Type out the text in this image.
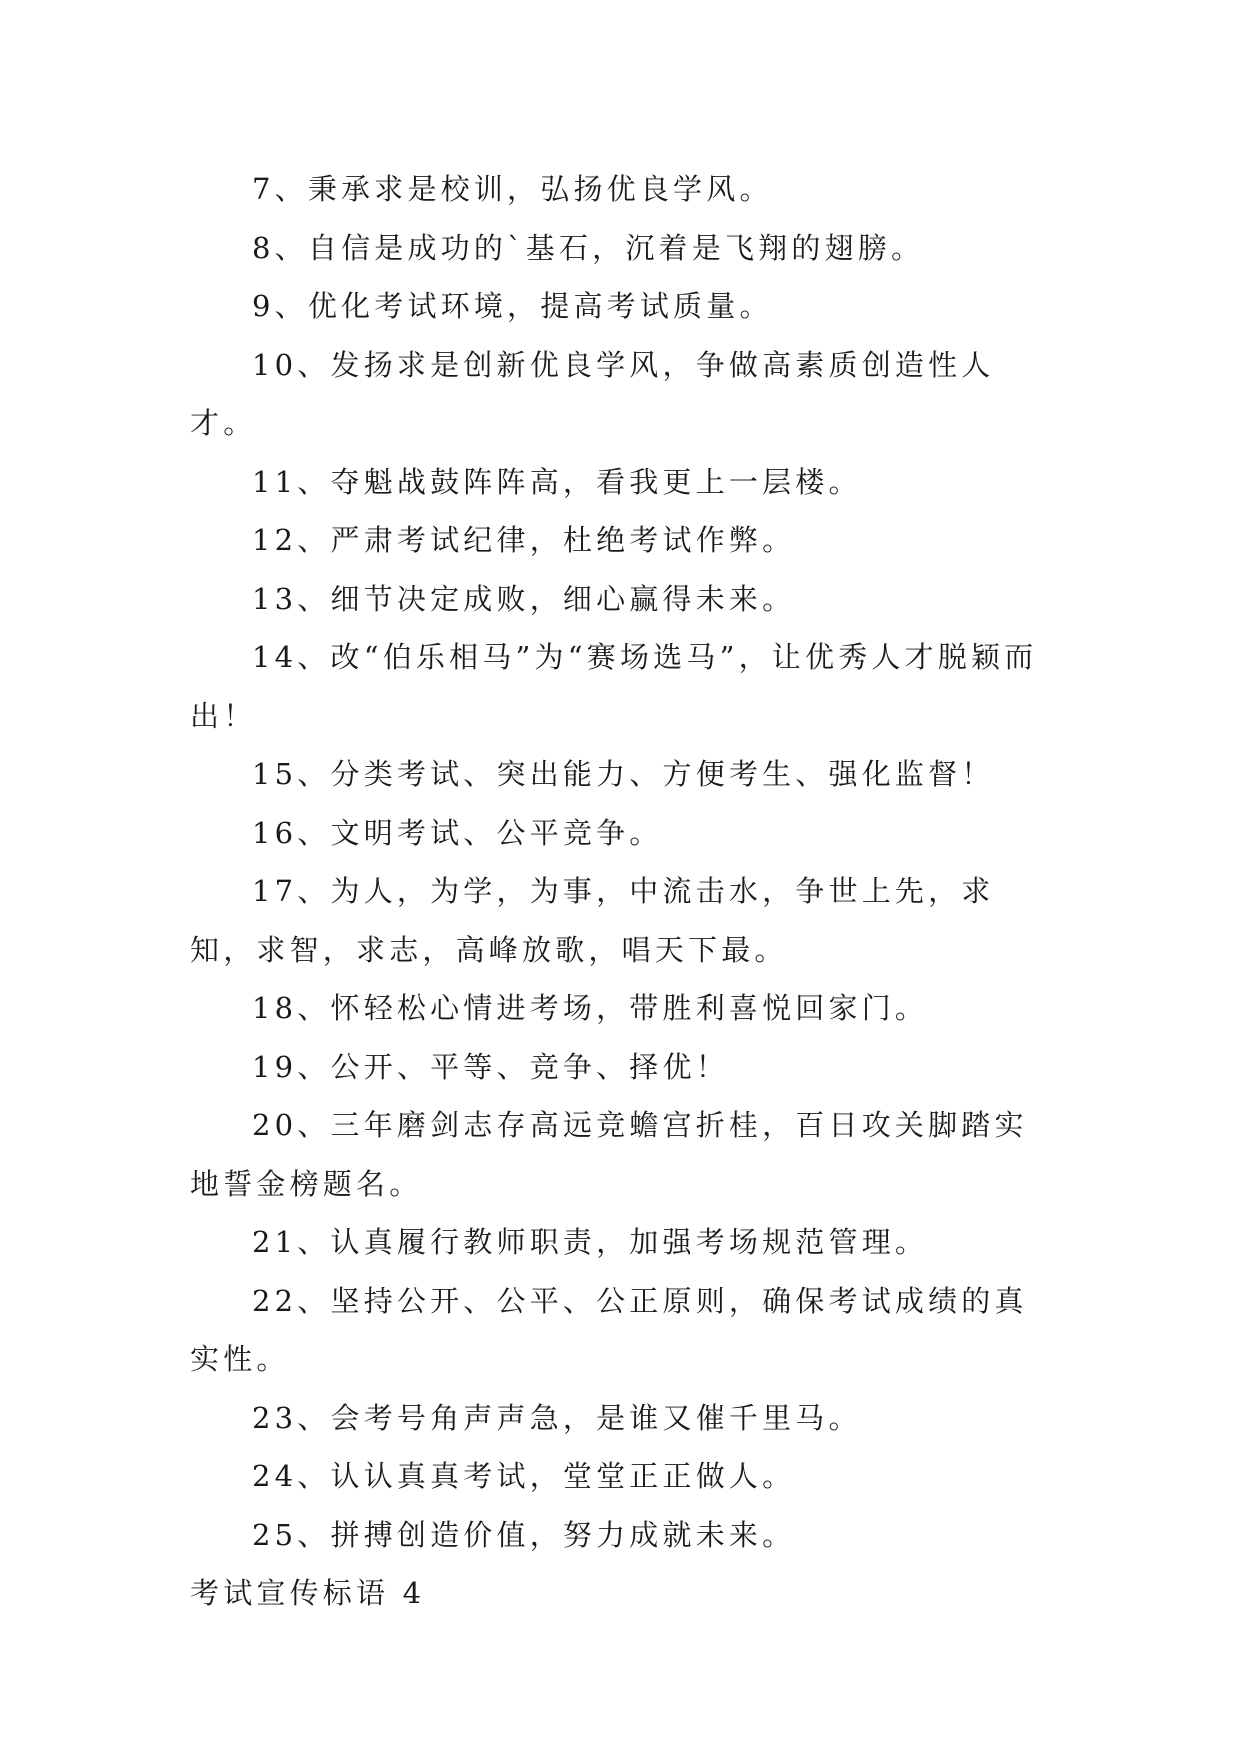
7、秉承求是校训，弘扬优良学风。

8、自信是成功的`基石，沉着是飞翔的翅膀。

9、优化考试环境，提高考试质量。

10、发扬求是创新优良学风，争做高素质创造性人才。

11、夺魁战鼓阵阵高，看我更上一层楼。

12、严肃考试纪律，杜绝考试作弊。

13、细节决定成败，细心赢得未来。

14、改“伯乐相马”为“赛场选马”，让优秀人才脱颖而出！

15、分类考试、突出能力、方便考生、强化监督！

16、文明考试、公平竞争。

17、为人，为学，为事，中流击水，争世上先，求知，求智，求志，高峰放歌，唱天下最。

18、怀轻松心情进考场，带胜利喜悦回家门。

19、公开、平等、竞争、择优！

20、三年磨剑志存高远竞蟾宫折桂，百日攻关脚踏实地誓金榜题名。

21、认真履行教师职责，加强考场规范管理。

22、坚持公开、公平、公正原则，确保考试成绩的真实性。

23、会考号角声声急，是谁又催千里马。

24、认认真真考试，堂堂正正做人。

25、拼搏创造价值，努力成就未来。

考试宣传标语 4
